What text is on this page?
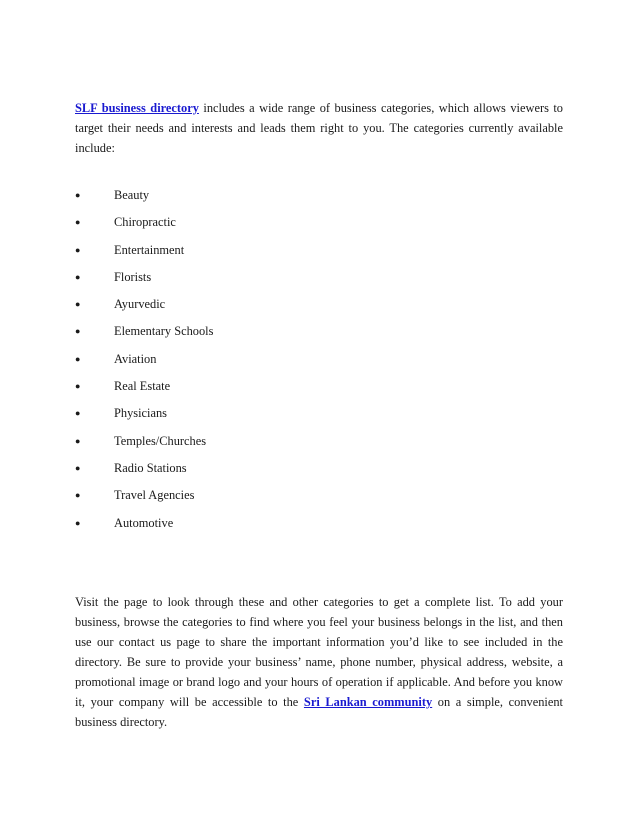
SLF business directory includes a wide range of business categories, which allows viewers to target their needs and interests and leads them right to you. The categories currently available include:

●	Beauty
●	Chiropractic
●	Entertainment
●	Florists
●	Ayurvedic
●	Elementary Schools
●	Aviation
●	Real Estate
●	Physicians
●	Temples/Churches
●	Radio Stations
●	Travel Agencies
●	Automotive

Visit the page to look through these and other categories to get a complete list. To add your business, browse the categories to find where you feel your business belongs in the list, and then use our contact us page to share the important information you’d like to see included in the directory. Be sure to provide your business’ name, phone number, physical address, website, a promotional image or brand logo and your hours of operation if applicable. And before you know it, your company will be accessible to the Sri Lankan community on a simple, convenient business directory.
